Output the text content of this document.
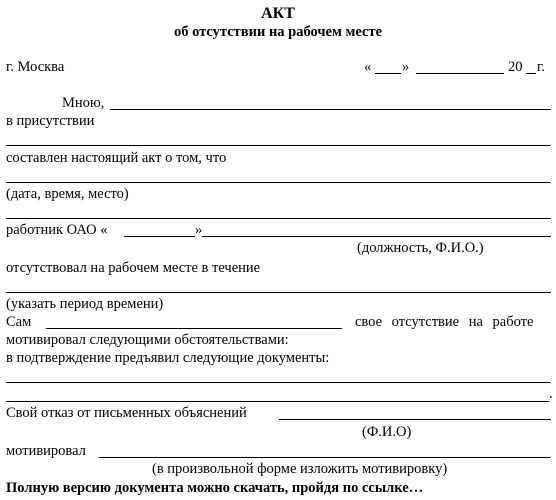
АКТ
об отсутствии на рабочем месте
г. Москва	« »	20 г.
Мною,
в присутствии
составлен настоящий акт о том, что
(дата, время, место)
работник ОАО «	»
(должность, Ф.И.О.)
отсутствовал на рабочем месте в течение
(указать период времени)
Сам	свое отсутствие на работе
мотивировал следующими обстоятельствами:
в подтверждение предъявил следующие документы:
.
Свой отказ от письменных объяснений
(Ф.И.О)
мотивировал
(в произвольной форме изложить мотивировку)
Полную версию документа можно скачать, пройдя по ссылке…
